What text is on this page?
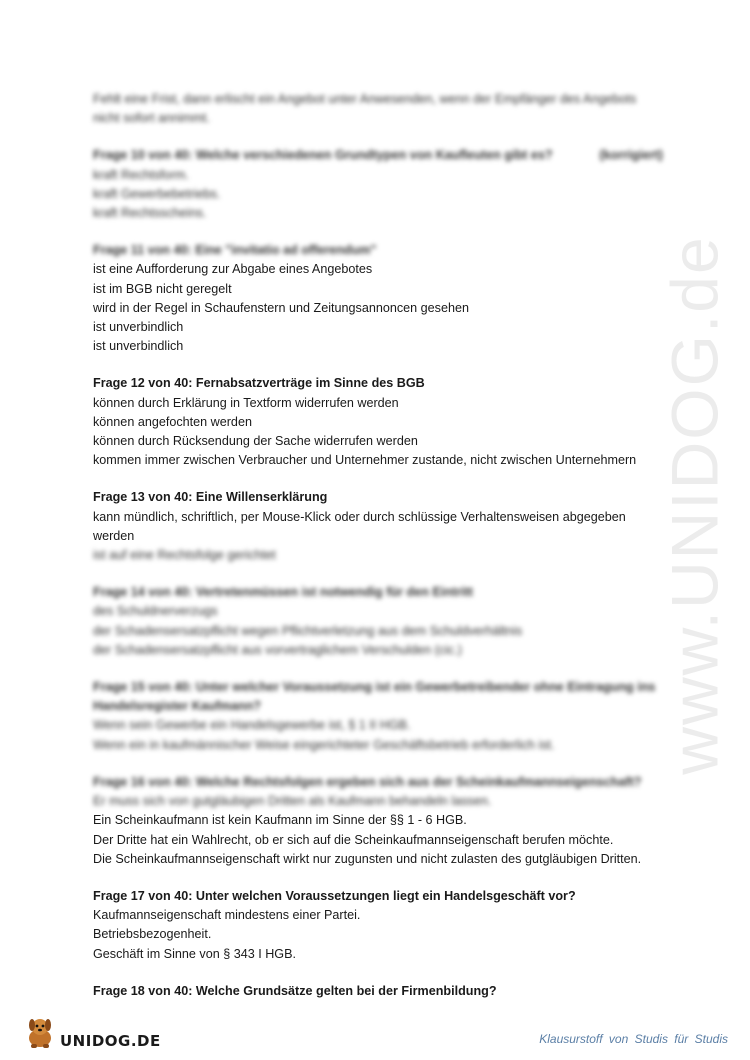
www.UNIDOG.de
Fehlt eine Frist, dann erlischt ein Angebot unter Anwesenden, wenn der Empfänger des Angebots nicht sofort annimmt.
Frage 10 von 40: Welche verschiedenen Grundtypen von Kaufleuten gibt es?	(korrigiert)
kraft Rechtsform.
kraft Gewerbebetriebs.
kraft Rechtsscheins.
Frage 11 von 40: Eine "invitatio ad offerendum"
ist eine Aufforderung zur Abgabe eines Angebotes
ist im BGB nicht geregelt
wird in der Regel in Schaufenstern und Zeitungsannoncen gesehen
ist unverbindlich
ist unverbindlich
Frage 12 von 40: Fernabsatzverträge im Sinne des BGB
können durch Erklärung in Textform widerrufen werden
können angefochten werden
können durch Rücksendung der Sache widerrufen werden
kommen immer zwischen Verbraucher und Unternehmer zustande, nicht zwischen Unternehmern
Frage 13 von 40: Eine Willenserklärung
kann mündlich, schriftlich, per Mouse-Klick oder durch schlüssige Verhaltensweisen abgegeben werden
ist auf eine Rechtsfolge gerichtet
Frage 14 von 40: Vertretenmüssen ist notwendig für den Eintritt
des Schuldnerverzugs
der Schadensersatzpflicht wegen Pflichtverletzung aus dem Schuldverhältnis
der Schadensersatzpflicht aus vorvertraglichem Verschulden (cic.)
Frage 15 von 40: Unter welcher Voraussetzung ist ein Gewerbetreibender ohne Eintragung ins Handelsregister Kaufmann?
Wenn sein Gewerbe ein Handelsgewerbe ist, § 1 II HGB.
Wenn ein in kaufmännischer Weise eingerichteter Geschäftsbetrieb erforderlich ist.
Frage 16 von 40: Welche Rechtsfolgen ergeben sich aus der Scheinkaufmannseigenschaft?
Er muss sich von gutgläubigen Dritten als Kaufmann behandeln lassen.
Ein Scheinkaufmann ist kein Kaufmann im Sinne der §§ 1 - 6 HGB.
Der Dritte hat ein Wahlrecht, ob er sich auf die Scheinkaufmannseigenschaft berufen möchte.
Die Scheinkaufmannseigenschaft wirkt nur zugunsten und nicht zulasten des gutgläubigen Dritten.
Frage 17 von 40: Unter welchen Voraussetzungen liegt ein Handelsgeschäft vor?
Kaufmannseigenschaft mindestens einer Partei.
Betriebsbezogenheit.
Geschäft im Sinne von § 343 I HGB.
Frage 18 von 40: Welche Grundsätze gelten bei der Firmenbildung?
UNIDOG.DE	Klausurstoff von Studis für Studis
